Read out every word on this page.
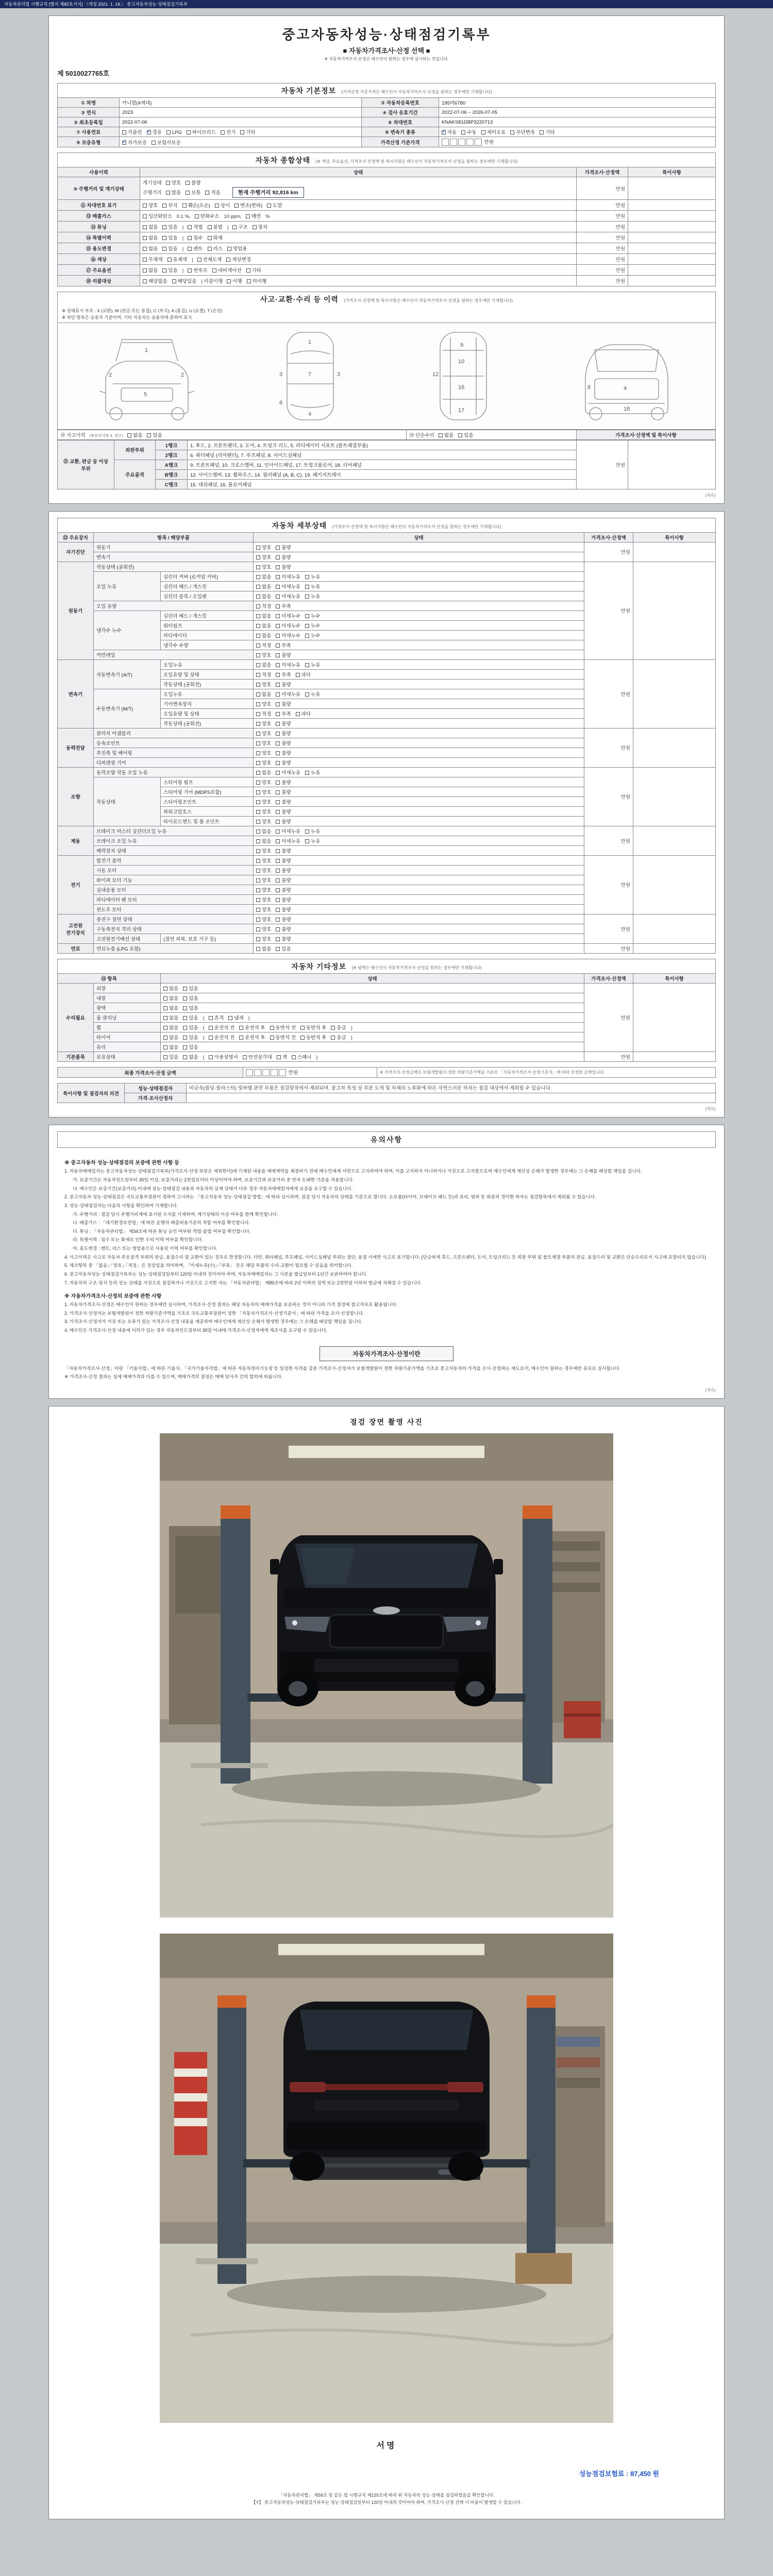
자동차관리법 시행규칙 [별지 제82호서식] 〈개정 2021. 1. 19.〉 중고자동차성능·상태점검기록부
중고자동차성능·상태점검기록부
■ 자동차가격조사·산정 선택 ■
※ 자동차가격조사·산정은 매수인이 원하는 경우에 실시하는 것입니다.
제 5010027765호
자동차 기본정보 (가격산정 기준가격은 매수인이 자동차가격조사·산정을 원하는 경우에만 기재합니다)
① 차명	카니발(4세대)	② 자동차등록번호	195머6780
③ 연식	2023	④ 검사 유효기간	2022-07-06 ~ 2026-07-05
⑤ 최초등록일	2022-07-06	⑥ 차대번호	KNAKS81DBP3220713
⑦ 사용연료	가솔린 ✓ 경유 LPG 하이브리드 전기 기타	⑧ 변속기 종류	✓자동 수동 세미오토 무단변속 기타
⑨ 보증유형	✓자가보증 보험사보증	가격산정 기준가격	만원
자동차 종합상태 (※ 색상, 주요옵션, 가격조사·산정액 및 특이사항은 매수인이 자동차가격조사·산정을 원하는 경우에만 기재합니다)
사용이력	상태	가격조사·산정액	특이사항
⑩ 주행거리 및 계기상태	계기상태 양호 불량
주행거리 많음 보통 적음 현재 주행거리 92,816 km	만원	
⑪ 차대번호 표기	양호 부식 훼손(오손) 상이 변조(변타) 도말	만원	
⑫ 배출가스	일산화탄소 0.1 %, 탄화수소 10 ppm, 매연 %	만원	
⑬ 튜닝	없음 있음 | 적법 불법 | 구조 장치	만원	
⑭ 특별이력	없음 있음 | 침수 화재	만원	
⑮ 용도변경	없음 있음 | 렌트 리스 영업용	만원	
⑯ 색상	무채색 유채색 | 전체도색 색상변경	만원	
⑰ 주요옵션	없음 있음 | 썬루프 네비게이션 기타	만원	
⑱ 리콜대상	해당없음 해당있음 | 리콜이행 이행 미이행	만원	
사고·교환·수리 등 이력 (가격조사·산정액 및 특이사항은 매수인이 자동차가격조사·산정을 원하는 경우에만 기재합니다)
※ 상태표시 부호 : X (교환), W (판금 또는 용접), C (부식), A (흠집), U (요철), T (손상)
※ 하단 항목은 승용차 기준이며, 기타 자동차는 승용차에 준하여 표시
1
2	2
5
1
7
3	3
4
6
9
10
16
17
12
4
6
18
⑲ 사고이력 (※유의사항 4. 참조) 없음 있음	⑳ 단순수리 없음 있음	가격조사·산정액 및 특이사항
㉑ 교환, 판금 등 이상 부위	외판부위	1랭크	1. 후드, 2. 프론트펜더, 3. 도어, 4. 트렁크 리드, 5. 라디에이터 서포트 (볼트체결부품)	만원	
		2랭크	6. 쿼터패널 (리어펜더), 7. 루프패널, 8. 사이드실패널		
	주요골격	A랭크	9. 프론트패널, 10. 크로스멤버, 11. 인사이드패널, 17. 트렁크플로어, 18. 리어패널		
		B랭크	12. 사이드멤버, 13. 휠하우스, 14. 필러패널 (A, B, C), 19. 패키지트레이		
		C랭크	15. 대쉬패널, 16. 플로어패널		
(계속)
자동차 세부상태 (가격조사·산정액 및 특이사항은 매수인이 자동차가격조사·산정을 원하는 경우에만 기재합니다)
㉒ 주요장치	항목 / 해당부품		상태	가격조사·산정액	특이사항
자기진단	원동기		양호 불량	만원	
	변속기		양호 불량		
원동기	작동상태 (공회전)		양호 불량	만원	
	오일 누유	실린더 커버 (로커암 커버)	없음 미세누유 누유		
		실린더 헤드 / 개스킷	없음 미세누유 누유		
		실린더 블록 / 오일팬	없음 미세누유 누유		
	오일 유량		적정 부족		
	냉각수 누수	실린더 헤드 / 개스킷	없음 미세누수 누수		
		워터펌프	없음 미세누수 누수		
		라디에이터	없음 미세누수 누수		
		냉각수 수량	적정 부족		
	커먼레일		양호 불량		
변속기	자동변속기 (A/T)	오일누유	없음 미세누유 누유	만원	
		오일유량 및 상태	적정 부족 과다		
		작동상태 (공회전)	양호 불량		
	수동변속기 (M/T)	오일누유	없음 미세누유 누유		
		기어변속장치	양호 불량		
		오일유량 및 상태	적정 부족 과다		
		작동상태 (공회전)	양호 불량		
동력전달	클러치 어셈블리		양호 불량	만원	
	등속조인트		양호 불량		
	추진축 및 베어링		양호 불량		
	디퍼렌셜 기어		양호 불량		
조향	동력조향 작동 오일 누유		없음 미세누유 누유	만원	
	작동상태	스티어링 펌프	양호 불량		
		스티어링 기어 (MDPS포함)	양호 불량		
		스티어링조인트	양호 불량		
		파워고압호스	양호 불량		
		타이로드엔드 및 볼 조인트	양호 불량		
제동	브레이크 마스터 실린더오일 누유		없음 미세누유 누유	만원	
	브레이크 오일 누유		없음 미세누유 누유		
	배력장치 상태		양호 불량		
전기	발전기 출력		양호 불량	만원	
	시동 모터		양호 불량		
	와이퍼 모터 기능		양호 불량		
	실내송풍 모터		양호 불량		
	라디에이터 팬 모터		양호 불량		
	윈도우 모터		양호 불량		
고전원 전기장치	충전구 절연 상태		양호 불량	만원	
	구동축전지 격리 상태		양호 불량		
	고전원전기배선 상태	(절연 피복, 보호 기구 등)	양호 불량		
연료	연료누출 (LPG 포함)		없음 있음	만원	
자동차 기타정보 (※ 광택은 매수인이 자동차가격조사·산정을 원하는 경우에만 기재합니다)
㉓ 항목		상태	가격조사·산정액	특이사항
수리필요	외장	없음 있음	만원	
	내장	없음 있음		
	광택	없음 있음		
	룸 클리닝	없음 있음 ( 흔적 냄새 )		
	휠	없음 있음 ( 운전석 전 운전석 후 동반석 전 동반석 후 응급 )		
	타이어	없음 있음 ( 운전석 전 운전석 후 동반석 전 동반석 후 응급 )		
	유리	없음 있음		
기본품목	보유상태	있음 없음 ( 사용설명서 안전삼각대 잭 스패너 )	만원	
최종 가격조사·산정 금액	만원	※ 가격조사·산정금액은 보험개발원이 정한 차량기준가액을 기초로 「자동차가격조사·산정기준서」에 따라 산정한 금액입니다.
특이사항 및 점검자의 의견	성능·상태점검자	비금속(몰딩·플라스틱) 빛바램 관련 부품은 점검항목에서 제외되며, 중고차 특성 상 부분 도색 및 차체의 노후화에 따른 자연스러운 하자는 점검 대상에서 제외될 수 있습니다.
	가격·조사산정자	
(계속)
유의사항
※ 중고자동차 성능·상태점검의 보증에 관한 사항 등

1. 자동차매매업자는 중고자동차성능·상태점검기록부(가격조사·산정 부분은 제외한다)에 기재된 내용을 매매계약을 체결하기 전에 매수인에게 서면으로 고지하여야 하며, 이를 고지하지 아니하거나 거짓으로 고지함으로써 매수인에게 재산상 손해가 발생한 경우에는 그 손해를 배상할 책임을 집니다.

가. 보증기간은 자동차인도일부터 30일 이상, 보증거리는 2천킬로미터 이상이어야 하며, 보증기간과 보증거리 중 먼저 도래한 기준을 적용합니다.

나. 매수인은 보증기간(보증거리) 이내에 성능·상태점검 내용과 자동차의 실제 상태가 다른 경우 자동차매매업자에게 보증을 요구할 수 있습니다.

2. 중고자동차 성능·상태점검은 국토교통부장관이 정하여 고시하는 「중고자동차 성능·상태점검 방법」에 따라 실시하며, 점검 당시 자동차의 상태를 기준으로 합니다. 소모품(타이어, 브레이크 패드 등)과 유리, 범퍼 등 외관의 경미한 하자는 점검항목에서 제외될 수 있습니다.

3. 성능·상태점검자는 다음의 사항을 확인하여 기재합니다.

가. 주행거리 : 점검 당시 주행거리계에 표시된 수치를 기재하며, 계기상태의 이상 여부를 함께 확인합니다.

나. 배출가스 : 「대기환경보전법」에 따른 운행차 배출허용기준의 적합 여부를 확인합니다.

다. 튜닝 : 「자동차관리법」 제34조에 따른 튜닝 승인 여부와 적법·불법 여부를 확인합니다.

라. 특별이력 : 침수 또는 화재로 인한 수리 이력 여부를 확인합니다.

마. 용도변경 : 렌트, 리스 또는 영업용으로 사용된 이력 여부를 확인합니다.

4. 사고이력은 사고로 자동차 주요골격 부위의 판금, 용접수리 및 교환이 있는 경우로 한정합니다. 다만, 쿼터패널, 루프패널, 사이드실패널 부위는 절단, 용접 시에만 사고로 표기합니다. (단순하게 후드, 프론트펜더, 도어, 트렁크리드 등 외판 부위 및 볼트체결 부품의 판금, 용접수리 및 교환은 단순수리로서 사고에 포함되지 않습니다)

5. 체크항목 중 「없음」·「양호」·「적정」은 정상임을 의미하며, 「미세누유(수)」·「부족」 등은 해당 부품의 수리·교환이 필요할 수 있음을 의미합니다.

6. 중고자동차성능·상태점검기록부는 성능·상태점검일부터 120일 이내의 것이어야 하며, 자동차매매업자는 그 사본을 발급일부터 1년간 보관하여야 합니다.

7. 자동차의 구조·장치 등의 성능·상태를 거짓으로 점검하거나 거짓으로 고지한 자는 「자동차관리법」 제80조에 따라 2년 이하의 징역 또는 2천만원 이하의 벌금에 처해질 수 있습니다.

※ 자동차가격조사·산정의 보증에 관한 사항

1. 자동차가격조사·산정은 매수인이 원하는 경우에만 실시하며, 가격조사·산정 결과는 해당 자동차의 매매가격을 보증하는 것이 아니라 가격 결정에 참고자료로 활용됩니다.

2. 가격조사·산정자는 보험개발원이 정한 차량기준가액을 기초로 국토교통부장관이 정한 「자동차가격조사·산정기준서」에 따라 가격을 조사·산정합니다.

3. 가격조사·산정자가 거짓 또는 오류가 있는 가격조사·산정 내용을 제공하여 매수인에게 재산상 손해가 발생한 경우에는 그 손해를 배상할 책임을 집니다.

4. 매수인은 가격조사·산정 내용에 이의가 있는 경우 자동차인도일부터 30일 이내에 가격조사·산정자에게 재조사를 요구할 수 있습니다.

자동차가격조사·산정이란

「자동차가격조사·산정」이란 「기술사법」에 따른 기술사, 「국가기술자격법」에 따른 자동차정비기능장 등 일정한 자격을 갖춘 가격조사·산정자가 보험개발원이 정한 차량기준가액을 기초로 중고자동차의 가격을 조사·산정하는 제도로서, 매수인이 원하는 경우에만 유료로 실시됩니다.

※ 가격조사·산정 결과는 실제 매매가격과 다를 수 있으며, 매매가격의 결정은 매매 당사자 간의 합의에 따릅니다.

(계속)
점검 장면 촬영 사진
서명
성능점검보험료 : 87,450 원
「자동차관리법」 제58조 및 같은 법 시행규칙 제120조에 따라 위 자동차의 성능·상태를 점검하였음을 확인합니다.
【Y】 중고자동차성능·상태점검기록부는 성능·상태점검일부터 120일 이내의 것이어야 하며, 가격조사·산정 선택 시 비용이 발생할 수 있습니다.
